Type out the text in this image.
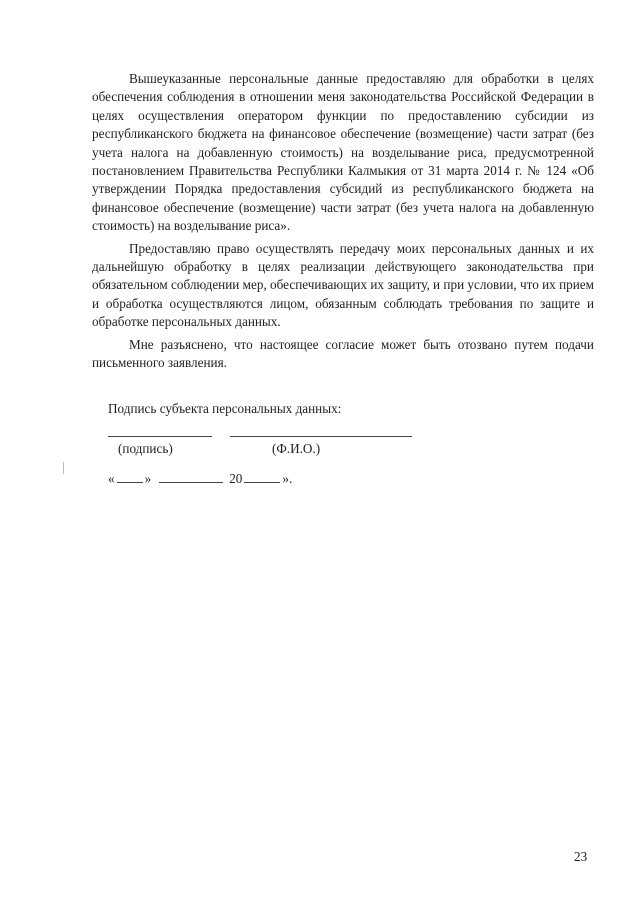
Вышеуказанные персональные данные предоставляю для обработки в целях обеспечения соблюдения в отношении меня законодательства Российской Федерации в целях осуществления оператором функции по предоставлению субсидии из республиканского бюджета на финансовое обеспечение (возмещение) части затрат (без учета налога на добавленную стоимость) на возделывание риса, предусмотренной постановлением Правительства Республики Калмыкия от 31 марта 2014 г. № 124 «Об утверждении Порядка предоставления субсидий из республиканского бюджета на финансовое обеспечение (возмещение) части затрат (без учета налога на добавленную стоимость) на возделывание риса».

Предоставляю право осуществлять передачу моих персональных данных и их дальнейшую обработку в целях реализации действующего законодательства при обязательном соблюдении мер, обеспечивающих их защиту, и при условии, что их прием и обработка осуществляются лицом, обязанным соблюдать требования по защите и обработке персональных данных.

Мне разъяснено, что настоящее согласие может быть отозвано путем подачи письменного заявления.

Подпись субъекта персональных данных:

(подпись)	(Ф.И.О.)
« »	20	».
23
